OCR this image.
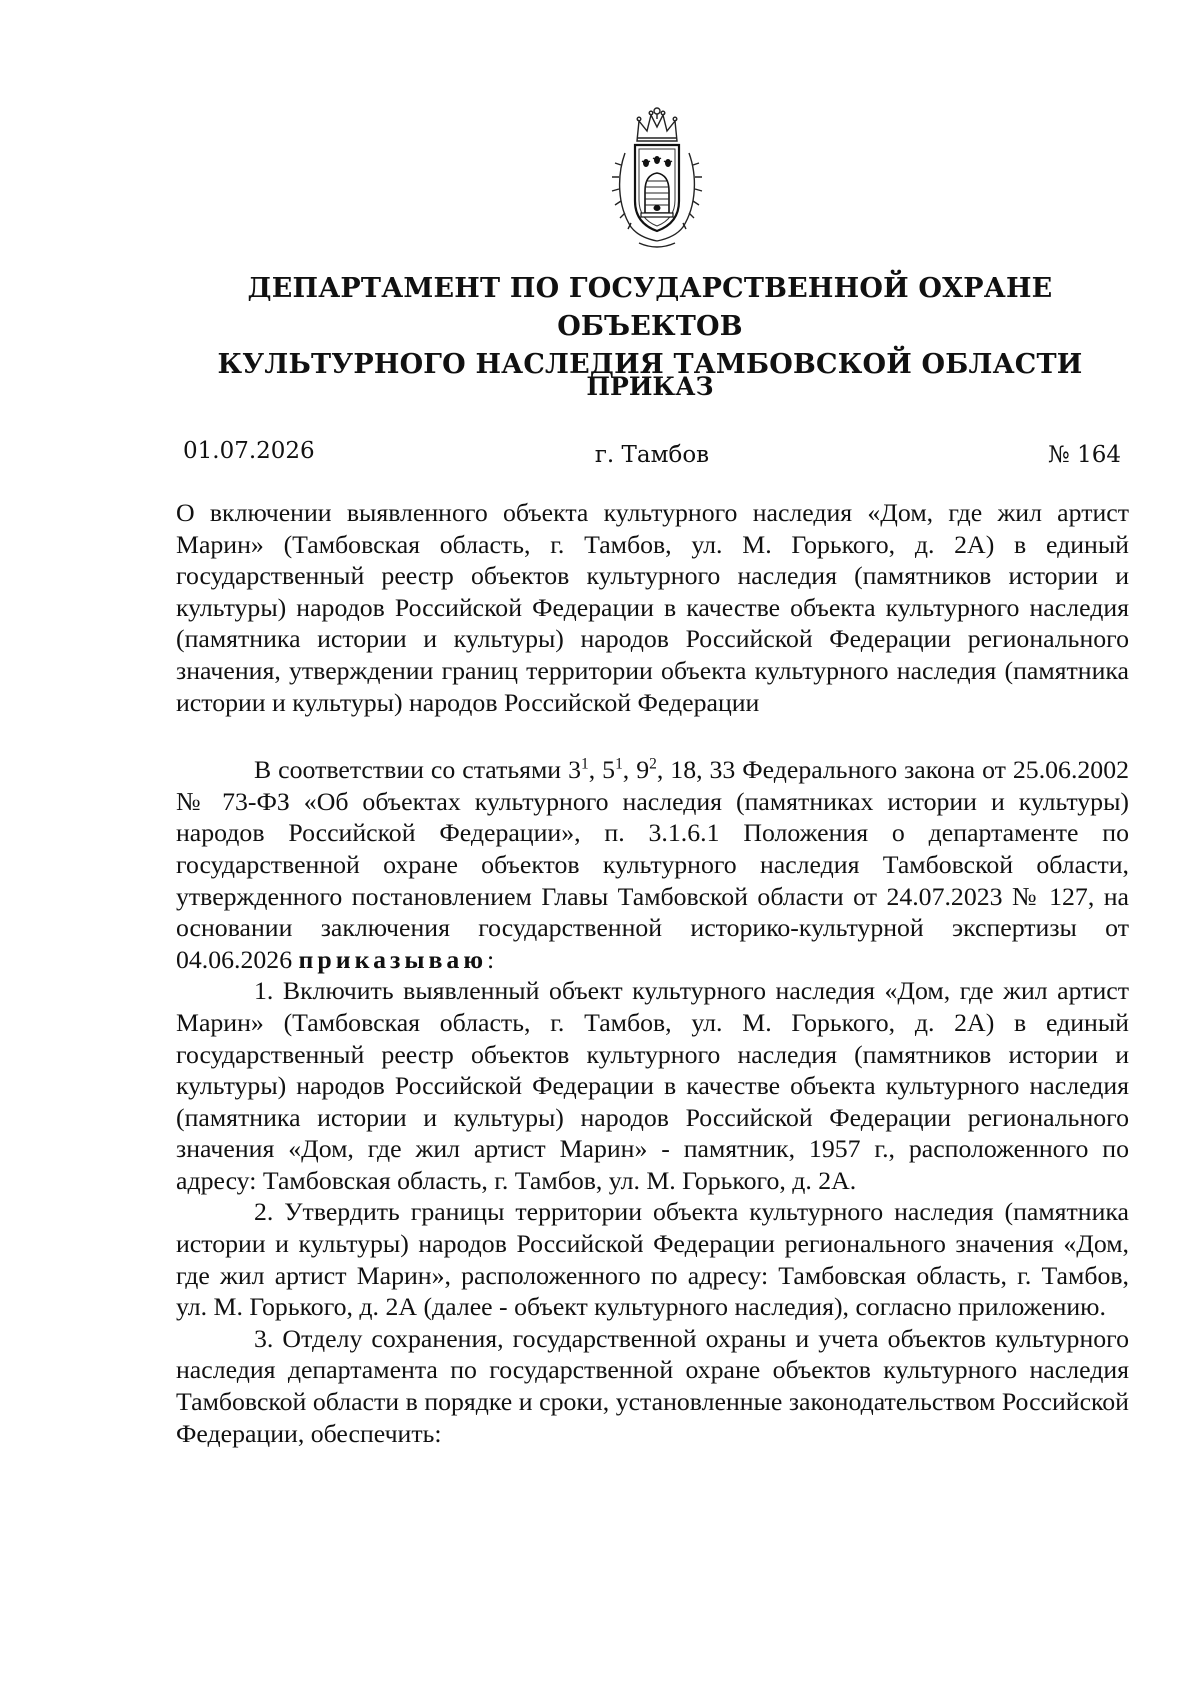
ДЕПАРТАМЕНТ ПО ГОСУДАРСТВЕННОЙ ОХРАНЕ ОБЪЕКТОВ
КУЛЬТУРНОГО НАСЛЕДИЯ ТАМБОВСКОЙ ОБЛАСТИ
ПРИКАЗ
01.07.2026	г. Тамбов	№ 164

О включении выявленного объекта культурного наследия «Дом, где жил артист Марин» (Тамбовская область, г. Тамбов, ул. М. Горького, д. 2А) в единый государственный реестр объектов культурного наследия (памятников истории и культуры) народов Российской Федерации в качестве объекта культурного наследия (памятника истории и культуры) народов Российской Федерации регионального значения, утверждении границ территории объекта культурного наследия (памятника истории и культуры) народов Российской Федерации

В соответствии со статьями $3^1$, $5^1$, $9^2$, 18, 33 Федерального закона от 25.06.2002 № 73-ФЗ «Об объектах культурного наследия (памятниках истории и культуры) народов Российской Федерации», п. 3.1.6.1 Положения о департаменте по государственной охране объектов культурного наследия Тамбовской области, утвержденного постановлением Главы Тамбовской области от 24.07.2023 № 127, на основании заключения государственной историко-культурной экспертизы от 04.06.2026 приказываю:

1. Включить выявленный объект культурного наследия «Дом, где жил артист Марин» (Тамбовская область, г. Тамбов, ул. М. Горького, д. 2А) в единый государственный реестр объектов культурного наследия (памятников истории и культуры) народов Российской Федерации в качестве объекта культурного наследия (памятника истории и культуры) народов Российской Федерации регионального значения «Дом, где жил артист Марин» - памятник, 1957 г., расположенного по адресу: Тамбовская область, г. Тамбов, ул. М. Горького, д. 2А.

2. Утвердить границы территории объекта культурного наследия (памятника истории и культуры) народов Российской Федерации регионального значения «Дом, где жил артист Марин», расположенного по адресу: Тамбовская область, г. Тамбов, ул. М. Горького, д. 2А (далее - объект культурного наследия), согласно приложению.

3. Отделу сохранения, государственной охраны и учета объектов культурного наследия департамента по государственной охране объектов культурного наследия Тамбовской области в порядке и сроки, установленные законодательством Российской Федерации, обеспечить:
